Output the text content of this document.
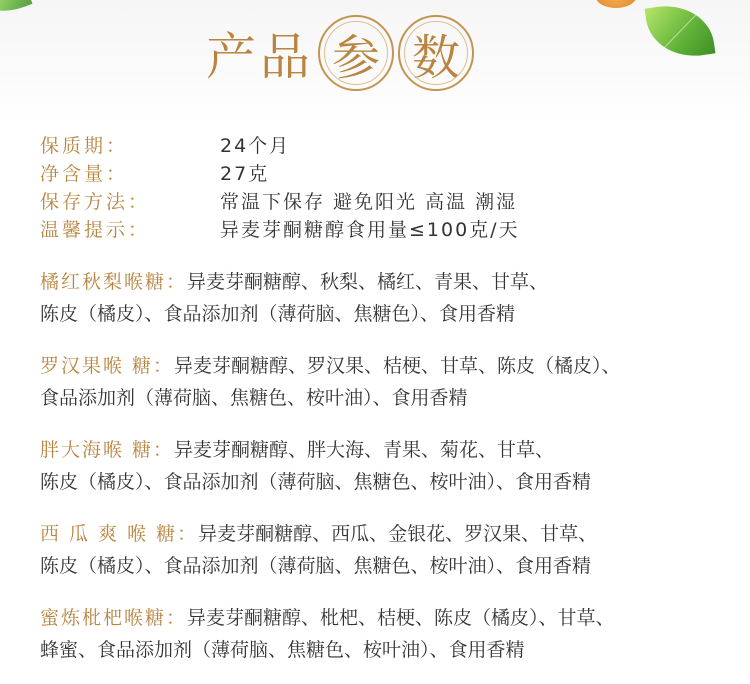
产品 参 数
保质期：	24个月
净含量：	27克
保存方法：	常温下保存 避免阳光 高温 潮湿
温馨提示：	异麦芽酮糖醇食用量≤100克/天
橘红秋梨喉糖：异麦芽酮糖醇、秋梨、橘红、青果、甘草、
陈皮（橘皮）、食品添加剂（薄荷脑、焦糖色）、食用香精
罗汉果喉 糖：异麦芽酮糖醇、罗汉果、桔梗、甘草、陈皮（橘皮）、
食品添加剂（薄荷脑、焦糖色、桉叶油）、食用香精
胖大海喉 糖：异麦芽酮糖醇、胖大海、青果、菊花、甘草、
陈皮（橘皮）、食品添加剂（薄荷脑、焦糖色、桉叶油）、食用香精
西 瓜 爽 喉 糖：异麦芽酮糖醇、西瓜、金银花、罗汉果、甘草、
陈皮（橘皮）、食品添加剂（薄荷脑、焦糖色、桉叶油）、食用香精
蜜炼枇杷喉糖：异麦芽酮糖醇、枇杷、桔梗、陈皮（橘皮）、甘草、
蜂蜜、食品添加剂（薄荷脑、焦糖色、桉叶油）、食用香精
